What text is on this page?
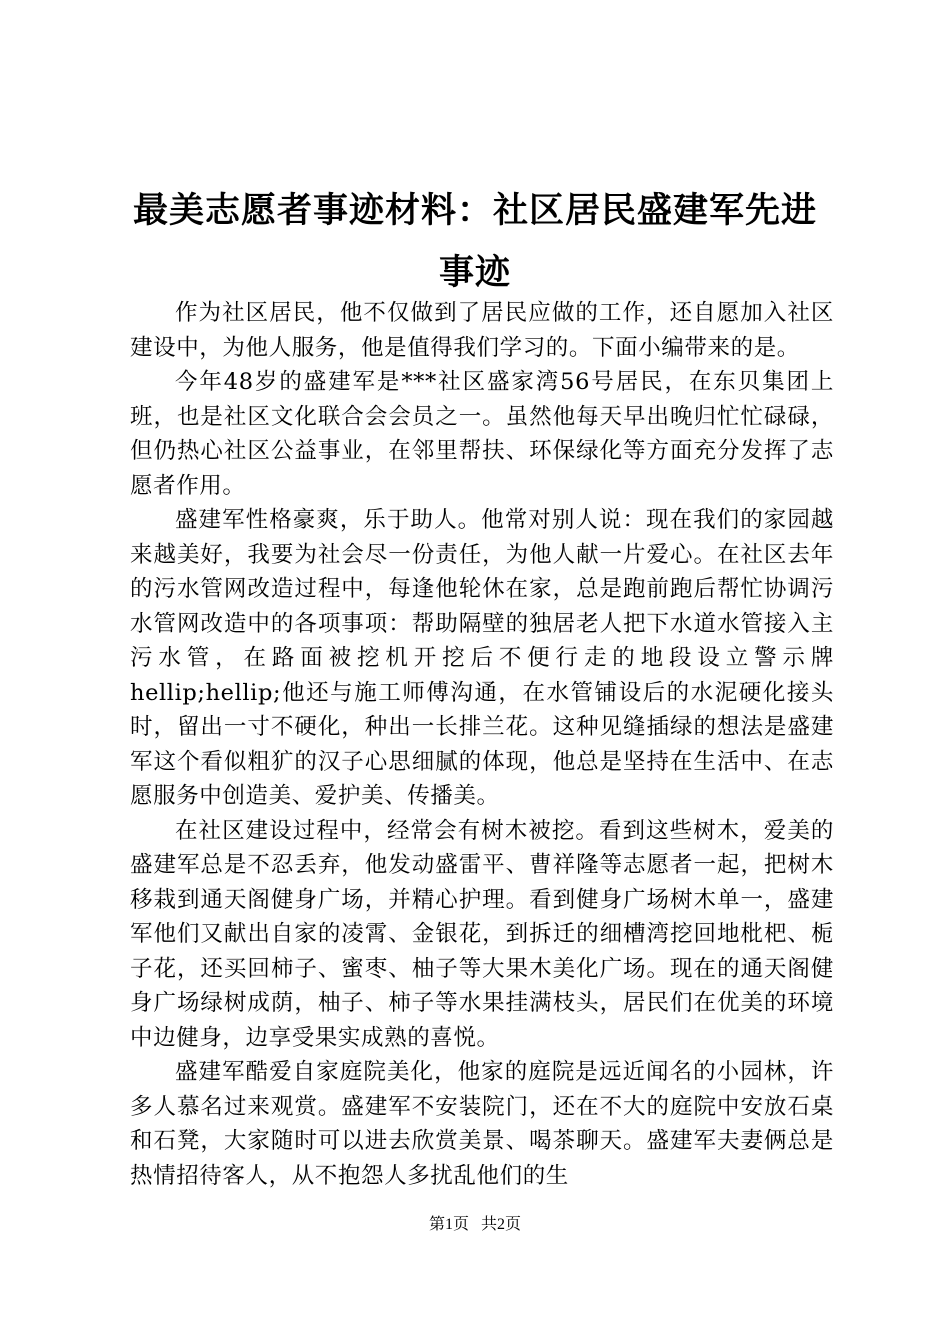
最美志愿者事迹材料：社区居民盛建军先进事迹

作为社区居民，他不仅做到了居民应做的工作，还自愿加入社区建设中，为他人服务，他是值得我们学习的。下面小编带来的是。

今年48岁的盛建军是***社区盛家湾56号居民，在东贝集团上班，也是社区文化联合会会员之一。虽然他每天早出晚归忙忙碌碌，但仍热心社区公益事业，在邻里帮扶、环保绿化等方面充分发挥了志愿者作用。

盛建军性格豪爽，乐于助人。他常对别人说：现在我们的家园越来越美好，我要为社会尽一份责任，为他人献一片爱心。在社区去年的污水管网改造过程中，每逢他轮休在家，总是跑前跑后帮忙协调污水管网改造中的各项事项：帮助隔壁的独居老人把下水道水管接入主污水管，在路面被挖机开挖后不便行走的地段设立警示牌hellip;hellip;他还与施工师傅沟通，在水管铺设后的水泥硬化接头时，留出一寸不硬化，种出一长排兰花。这种见缝插绿的想法是盛建军这个看似粗犷的汉子心思细腻的体现，他总是坚持在生活中、在志愿服务中创造美、爱护美、传播美。

在社区建设过程中，经常会有树木被挖。看到这些树木，爱美的盛建军总是不忍丢弃，他发动盛雷平、曹祥隆等志愿者一起，把树木移栽到通天阁健身广场，并精心护理。看到健身广场树木单一，盛建军他们又献出自家的凌霄、金银花，到拆迁的细槽湾挖回地枇杷、栀子花，还买回柿子、蜜枣、柚子等大果木美化广场。现在的通天阁健身广场绿树成荫，柚子、柿子等水果挂满枝头，居民们在优美的环境中边健身，边享受果实成熟的喜悦。

盛建军酷爱自家庭院美化，他家的庭院是远近闻名的小园林，许多人慕名过来观赏。盛建军不安装院门，还在不大的庭院中安放石桌和石凳，大家随时可以进去欣赏美景、喝茶聊天。盛建军夫妻俩总是热情招待客人，从不抱怨人多扰乱他们的生

第1页 共2页
